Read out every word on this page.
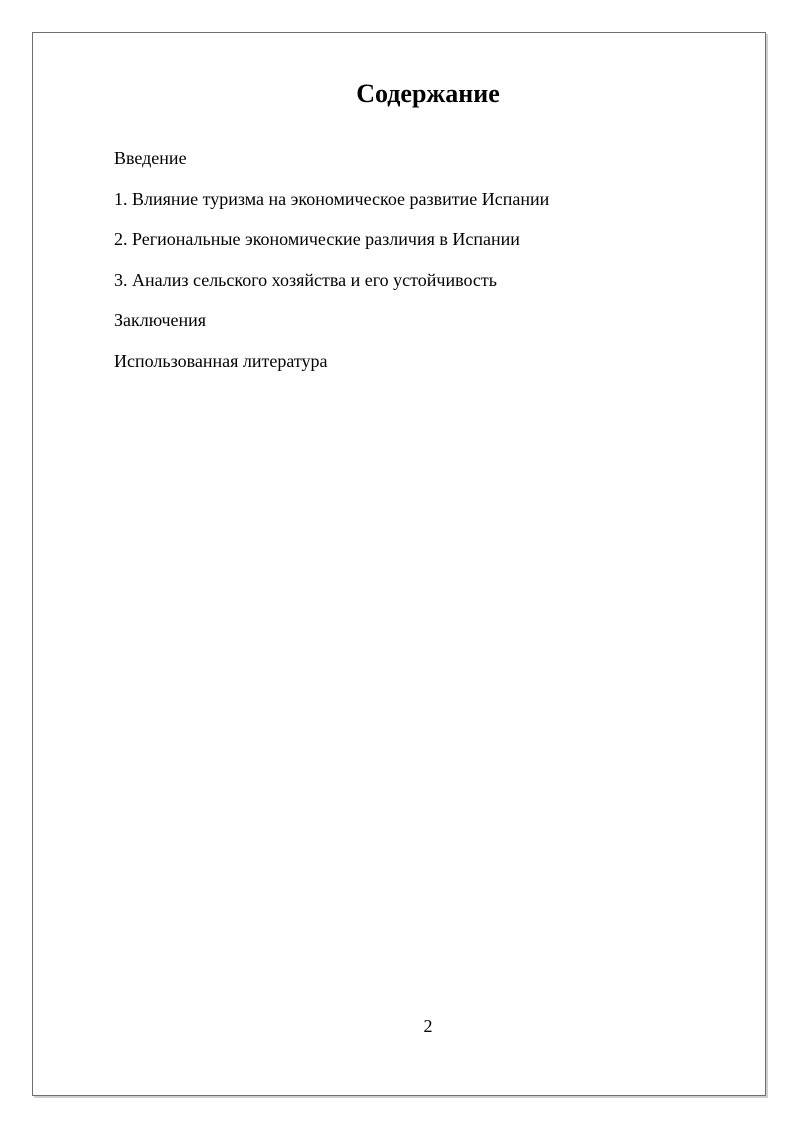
Содержание
Введение
1. Влияние туризма на экономическое развитие Испании
2. Региональные экономические различия в Испании
3. Анализ сельского хозяйства и его устойчивость
Заключения
Использованная литература
2
